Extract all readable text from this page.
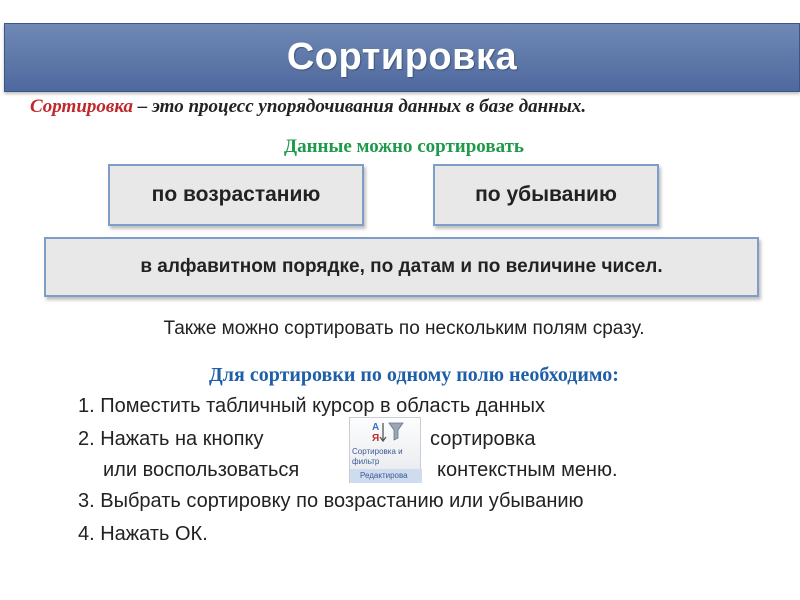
Сортировка
Сортировка – это процесс упорядочивания данных в базе данных.
Данные можно сортировать
по возрастанию	по убыванию
в алфавитном порядке, по датам и по величине чисел.
Также можно сортировать по нескольким полям сразу.
Для сортировки по одному полю необходимо:
1. Поместить табличный курсор в область данных
2. Нажать на кнопку	сортировка
или воспользоваться	контекстным меню.
3. Выбрать сортировку по возрастанию или убыванию
4. Нажать ОК.
А
Я
Сортировка и фильтр
Редактирова
